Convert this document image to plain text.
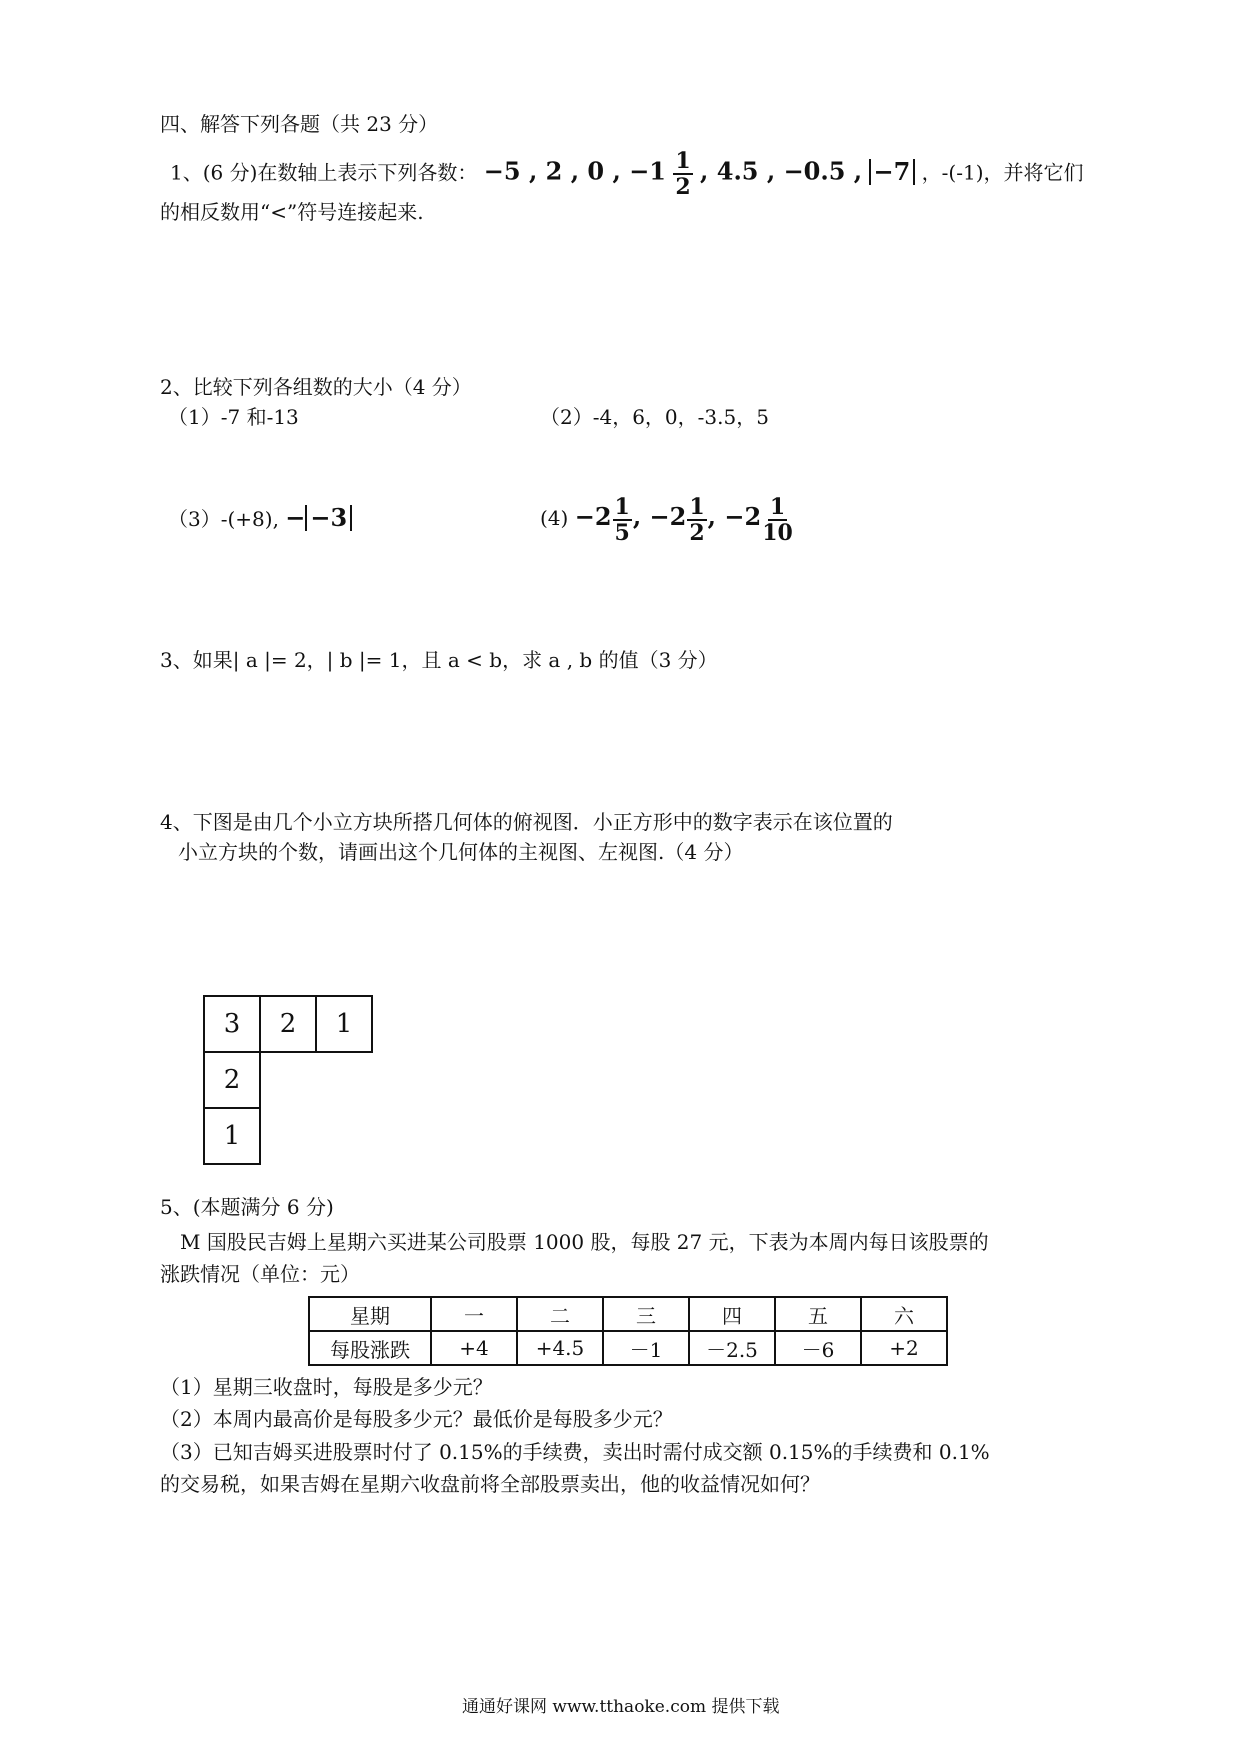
四、解答下列各题（共 23 分）
1、(6 分)在数轴上表示下列各数： −5 , 2 , 0 , $-1 \frac{1}{2}$ , 4.5 , −0.5 , −7 ，-(-1)，并将它们
的相反数用“<”符号连接起来.
2、比较下列各组数的大小（4 分）
（1）-7 和-13	（2）-4，6，0，-3.5，5
（3）-(+8), − −3	$(4) -2 \frac{1}{5}$ , $-2 \frac{1}{2}$ , $-2 \frac{1}{10}$
3、如果| a |= 2，| b |= 1，且 a < b，求 a , b 的值（3 分）
4、下图是由几个小立方块所搭几何体的俯视图．小正方形中的数字表示在该位置的
小立方块的个数，请画出这个几何体的主视图、左视图.（4 分）
3	2	1
2		
1		
5、(本题满分 6 分)
M 国股民吉姆上星期六买进某公司股票 1000 股，每股 27 元，下表为本周内每日该股票的
涨跌情况（单位：元）
星期	一	二	三	四	五	六
每股涨跌	+4	+4.5	－1	－2.5	－6	+2
（1）星期三收盘时，每股是多少元？
（2）本周内最高价是每股多少元？最低价是每股多少元？
（3）已知吉姆买进股票时付了 0.15%的手续费，卖出时需付成交额 0.15%的手续费和 0.1%
的交易税，如果吉姆在星期六收盘前将全部股票卖出，他的收益情况如何？
通通好课网 www.tthaoke.com 提供下载
